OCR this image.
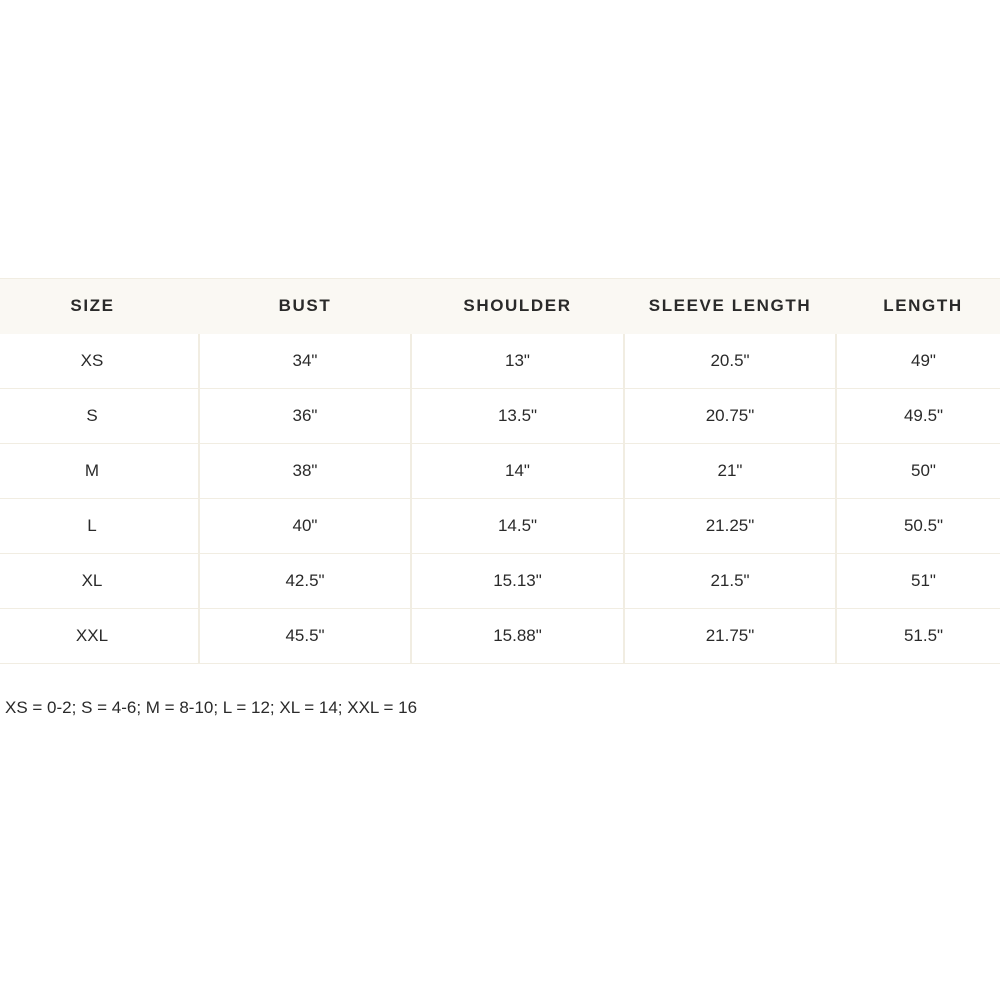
SIZE	BUST	SHOULDER	SLEEVE LENGTH	LENGTH
XS	34"	13"	20.5"	49"
S	36"	13.5"	20.75"	49.5"
M	38"	14"	21"	50"
L	40"	14.5"	21.25"	50.5"
XL	42.5"	15.13"	21.5"	51"
XXL	45.5"	15.88"	21.75"	51.5"
XS = 0-2; S = 4-6; M = 8-10; L = 12; XL = 14; XXL = 16
